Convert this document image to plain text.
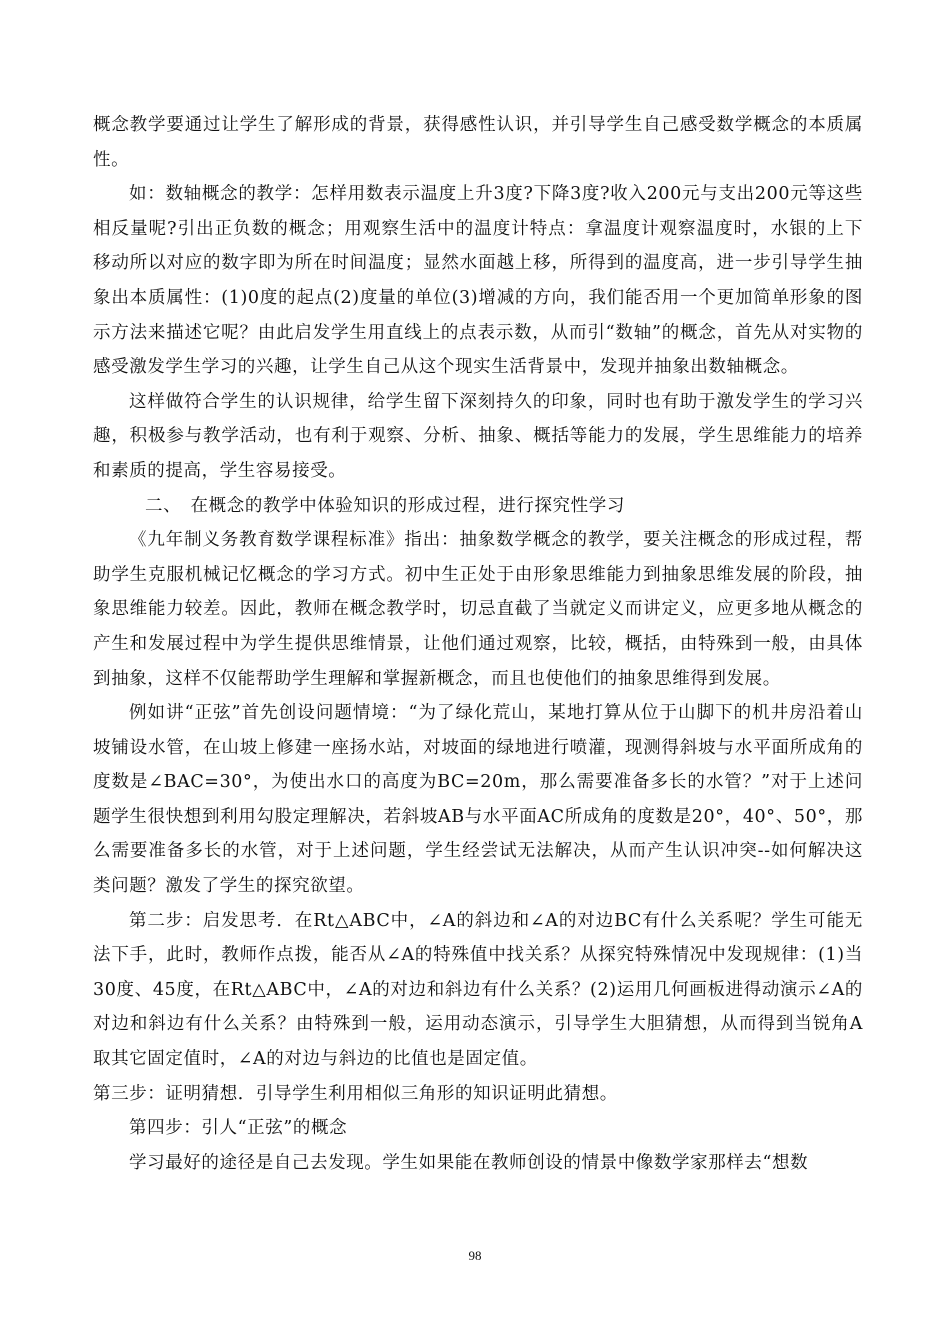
概念教学要通过让学生了解形成的背景，获得感性认识，并引导学生自己感受数学概念的本质属性。

如：数轴概念的教学：怎样用数表示温度上升3度?下降3度?收入200元与支出200元等这些相反量呢?引出正负数的概念；用观察生活中的温度计特点：拿温度计观察温度时，水银的上下移动所以对应的数字即为所在时间温度；显然水面越上移，所得到的温度高，进一步引导学生抽象出本质属性：(1)0度的起点(2)度量的单位(3)增减的方向，我们能否用一个更加简单形象的图示方法来描述它呢？由此启发学生用直线上的点表示数，从而引“数轴”的概念，首先从对实物的感受激发学生学习的兴趣，让学生自己从这个现实生活背景中，发现并抽象出数轴概念。

这样做符合学生的认识规律，给学生留下深刻持久的印象，同时也有助于激发学生的学习兴趣，积极参与教学活动，也有利于观察、分析、抽象、概括等能力的发展，学生思维能力的培养和素质的提高，学生容易接受。

二、　在概念的教学中体验知识的形成过程，进行探究性学习

《九年制义务教育数学课程标准》指出：抽象数学概念的教学，要关注概念的形成过程，帮助学生克服机械记忆概念的学习方式。初中生正处于由形象思维能力到抽象思维发展的阶段，抽象思维能力较差。因此，教师在概念教学时，切忌直截了当就定义而讲定义，应更多地从概念的产生和发展过程中为学生提供思维情景，让他们通过观察，比较，概括，由特殊到一般，由具体到抽象，这样不仅能帮助学生理解和掌握新概念，而且也使他们的抽象思维得到发展。

例如讲“正弦”首先创设问题情境：“为了绿化荒山，某地打算从位于山脚下的机井房沿着山坡铺设水管，在山坡上修建一座扬水站，对坡面的绿地进行喷灌，现测得斜坡与水平面所成角的度数是∠BAC=30°，为使出水口的高度为BC=20m，那么需要准备多长的水管？”对于上述问题学生很快想到利用勾股定理解决，若斜坡AB与水平面AC所成角的度数是20°，40°、50°，那么需要准备多长的水管，对于上述问题，学生经尝试无法解决，从而产生认识冲突--如何解决这类问题？激发了学生的探究欲望。

第二步：启发思考．在Rt△ABC中，∠A的斜边和∠A的对边BC有什么关系呢？学生可能无法下手，此时，教师作点拨，能否从∠A的特殊值中找关系？从探究特殊情况中发现规律：(1)当30度、45度，在Rt△ABC中，∠A的对边和斜边有什么关系？(2)运用几何画板进得动演示∠A的对边和斜边有什么关系？由特殊到一般，运用动态演示，引导学生大胆猜想，从而得到当锐角A取其它固定值时，∠A的对边与斜边的比值也是固定值。

第三步：证明猜想．引导学生利用相似三角形的知识证明此猜想。

第四步：引人“正弦”的概念

学习最好的途径是自己去发现。学生如果能在教师创设的情景中像数学家那样去“想数

98
